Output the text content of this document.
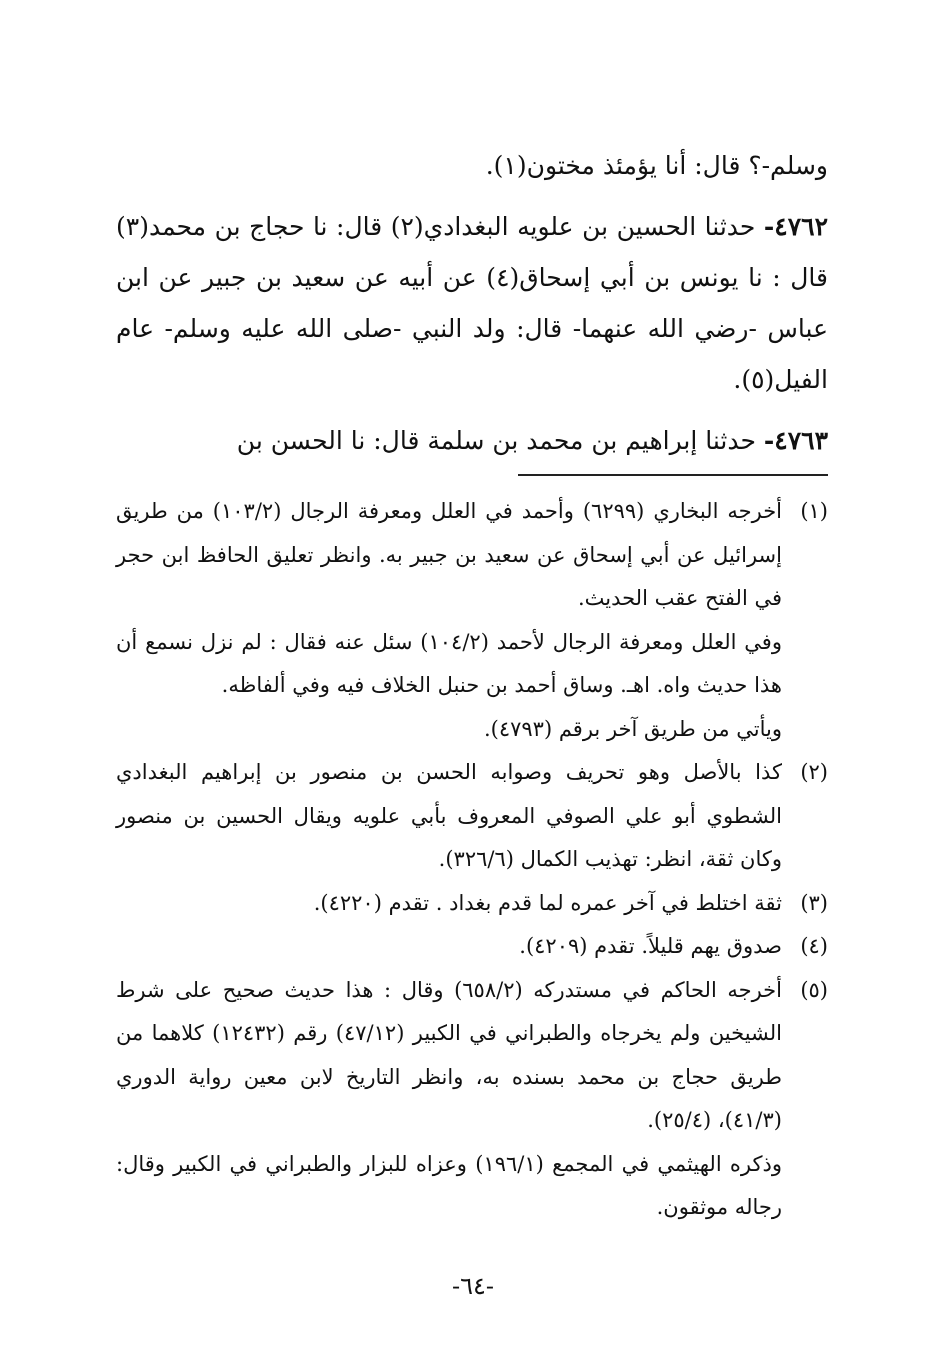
وسلم-؟ قال: أنا يؤمئذ مختون(١).

٤٧٦٢- حدثنا الحسين بن علويه البغدادي(٢) قال: نا حجاج بن محمد(٣) قال : نا يونس بن أبي إسحاق(٤) عن أبيه عن سعيد بن جبير عن ابن عباس -رضي الله عنهما- قال: ولد النبي -صلى الله عليه وسلم- عام الفيل(٥).

٤٧٦٣- حدثنا إبراهيم بن محمد بن سلمة قال: نا الحسن بن

(١)

أخرجه البخاري (٦٢٩٩) وأحمد في العلل ومعرفة الرجال (١٠٣/٢) من طريق إسرائيل عن أبي إسحاق عن سعيد بن جبير به. وانظر تعليق الحافظ ابن حجر في الفتح عقب الحديث.

وفي العلل ومعرفة الرجال لأحمد (١٠٤/٢) سئل عنه فقال : لم نزل نسمع أن هذا حديث واه. اهـ. وساق أحمد بن حنبل الخلاف فيه وفي ألفاظه.

ويأتي من طريق آخر برقم (٤٧٩٣).

(٢)

كذا بالأصل وهو تحريف وصوابه الحسن بن منصور بن إبراهيم البغدادي الشطوي أبو علي الصوفي المعروف بأبي علويه ويقال الحسين بن منصور وكان ثقة، انظر: تهذيب الكمال (٣٢٦/٦).

(٣)

ثقة اختلط في آخر عمره لما قدم بغداد . تقدم (٤٢٢٠).

(٤)

صدوق يهم قليلاً. تقدم (٤٢٠٩).

(٥)

أخرجه الحاكم في مستدركه (٦٥٨/٢) وقال : هذا حديث صحيح على شرط الشيخين ولم يخرجاه والطبراني في الكبير (٤٧/١٢) رقم (١٢٤٣٢) كلاهما من طريق حجاج بن محمد بسنده به، وانظر التاريخ لابن معين رواية الدوري (٤١/٣)، (٢٥/٤).

وذكره الهيثمي في المجمع (١٩٦/١) وعزاه للبزار والطبراني في الكبير وقال: رجاله موثقون.

-٦٤-
